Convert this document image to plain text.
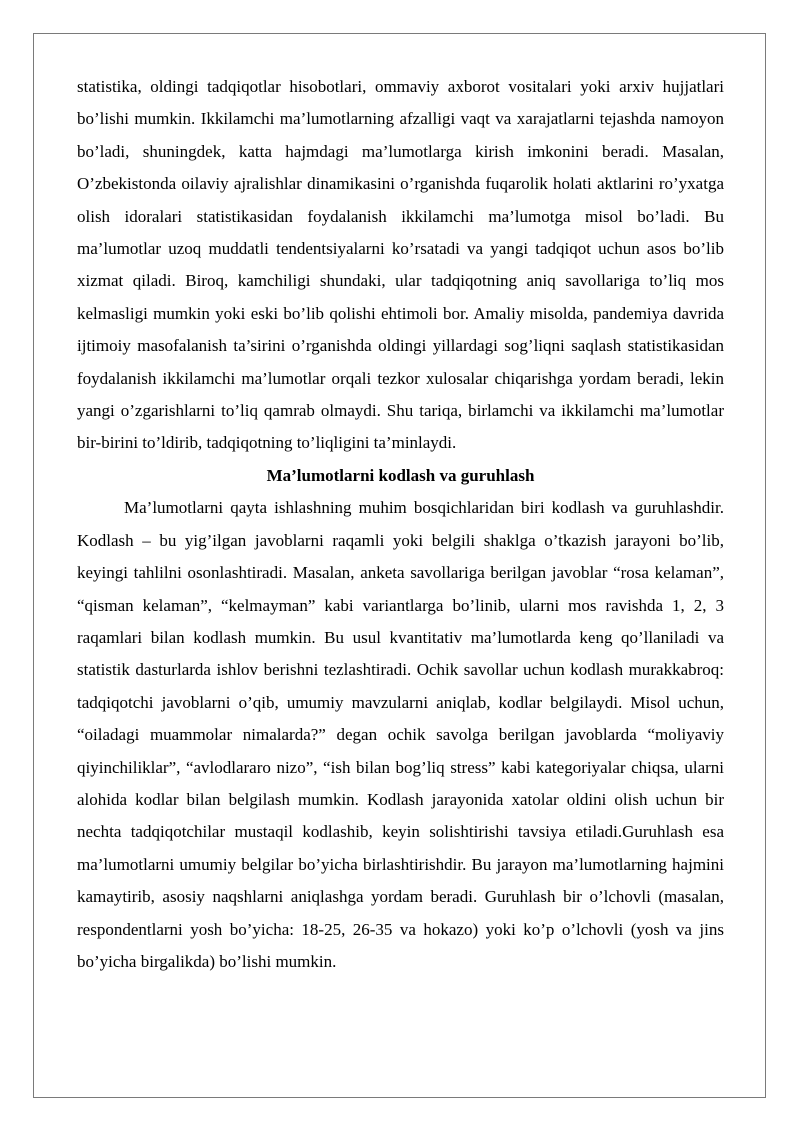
statistika, oldingi tadqiqotlar hisobotlari, ommaviy axborot vositalari yoki arxiv hujjatlari bo’lishi mumkin. Ikkilamchi ma’lumotlarning afzalligi vaqt va xarajatlarni tejashda namoyon bo’ladi, shuningdek, katta hajmdagi ma’lumotlarga kirish imkonini beradi. Masalan, O’zbekistonda oilaviy ajralishlar dinamikasini o’rganishda fuqarolik holati aktlarini ro’yxatga olish idoralari statistikasidan foydalanish ikkilamchi ma’lumotga misol bo’ladi. Bu ma’lumotlar uzoq muddatli tendentsiyalarni ko’rsatadi va yangi tadqiqot uchun asos bo’lib xizmat qiladi. Biroq, kamchiligi shundaki, ular tadqiqotning aniq savollariga to’liq mos kelmasligi mumkin yoki eski bo’lib qolishi ehtimoli bor. Amaliy misolda, pandemiya davrida ijtimoiy masofalanish ta’sirini o’rganishda oldingi yillardagi sog’liqni saqlash statistikasidan foydalanish ikkilamchi ma’lumotlar orqali tezkor xulosalar chiqarishga yordam beradi, lekin yangi o’zgarishlarni to’liq qamrab olmaydi. Shu tariqa, birlamchi va ikkilamchi ma’lumotlar bir-birini to’ldirib, tadqiqotning to’liqligini ta’minlaydi.

Ma’lumotlarni kodlash va guruhlash

Ma’lumotlarni qayta ishlashning muhim bosqichlaridan biri kodlash va guruhlashdir. Kodlash – bu yig’ilgan javoblarni raqamli yoki belgili shaklga o’tkazish jarayoni bo’lib, keyingi tahlilni osonlashtiradi. Masalan, anketa savollariga berilgan javoblar “rosa kelaman”, “qisman kelaman”, “kelmayman” kabi variantlarga bo’linib, ularni mos ravishda 1, 2, 3 raqamlari bilan kodlash mumkin. Bu usul kvantitativ ma’lumotlarda keng qo’llaniladi va statistik dasturlarda ishlov berishni tezlashtiradi. Ochik savollar uchun kodlash murakkabroq: tadqiqotchi javoblarni o’qib, umumiy mavzularni aniqlab, kodlar belgilaydi. Misol uchun, “oiladagi muammolar nimalarda?” degan ochik savolga berilgan javoblarda “moliyaviy qiyinchiliklar”, “avlodlararo nizo”, “ish bilan bog’liq stress” kabi kategoriyalar chiqsa, ularni alohida kodlar bilan belgilash mumkin. Kodlash jarayonida xatolar oldini olish uchun bir nechta tadqiqotchilar mustaqil kodlashib, keyin solishtirishi tavsiya etiladi.Guruhlash esa ma’lumotlarni umumiy belgilar bo’yicha birlashtirishdir. Bu jarayon ma’lumotlarning hajmini kamaytirib, asosiy naqshlarni aniqlashga yordam beradi. Guruhlash bir o’lchovli (masalan, respondentlarni yosh bo’yicha: 18-25, 26-35 va hokazo) yoki ko’p o’lchovli (yosh va jins bo’yicha birgalikda) bo’lishi mumkin.
